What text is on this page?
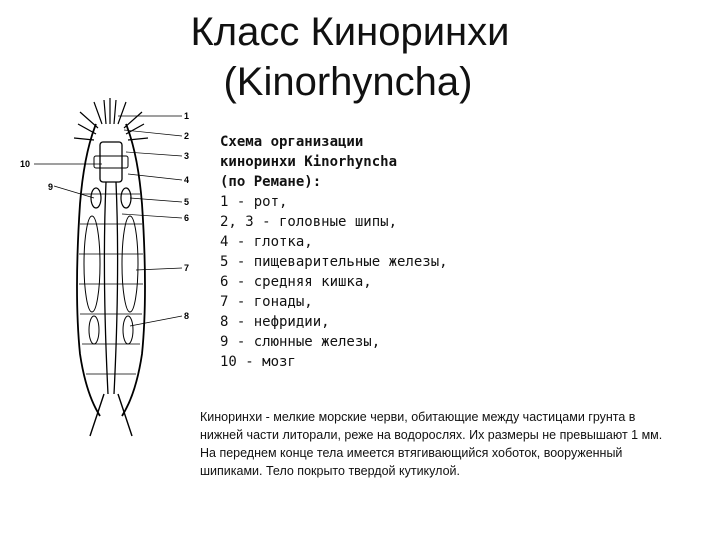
Класс Киноринхи
(Kinorhyncha)
1
2
3
4
5
6
7
8
9
10
Схема организации
киноринхи Kinorhyncha
(по Ремане):
1 - рот,
2, 3 - головные шипы,
4 - глотка,
5 - пищеварительные железы,
6 - средняя кишка,
7 - гонады,
8 - нефридии,
9 - слюнные железы,
10 - мозг
Киноринхи - мелкие морские черви, обитающие между частицами грунта в нижней части литорали, реже на водорослях. Их размеры не превышают 1 мм. На переднем конце тела имеется втягивающийся хоботок, вооруженный шипиками. Тело покрыто твердой кутикулой.
